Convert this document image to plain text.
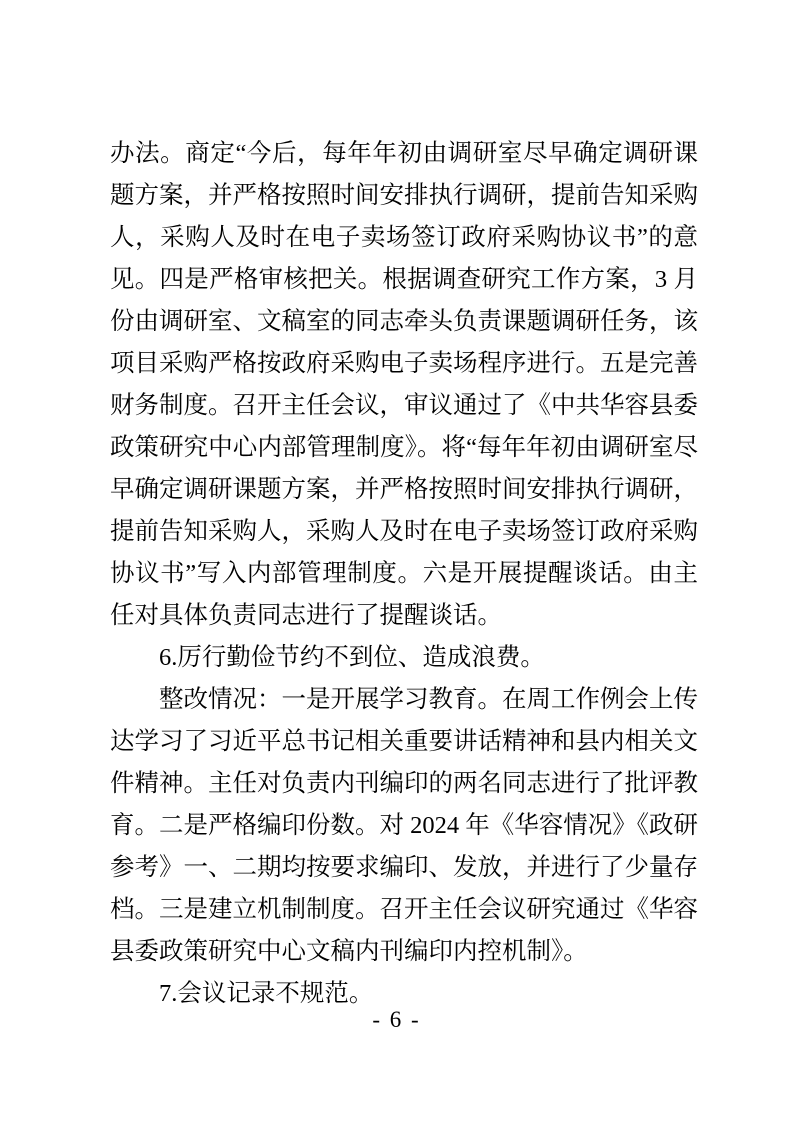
办法。商定“今后，每年年初由调研室尽早确定调研课题方案，并严格按照时间安排执行调研，提前告知采购人，采购人及时在电子卖场签订政府采购协议书”的意见。四是严格审核把关。根据调查研究工作方案，3 月份由调研室、文稿室的同志牵头负责课题调研任务，该项目采购严格按政府采购电子卖场程序进行。五是完善财务制度。召开主任会议，审议通过了《中共华容县委政策研究中心内部管理制度》。将“每年年初由调研室尽早确定调研课题方案，并严格按照时间安排执行调研，提前告知采购人，采购人及时在电子卖场签订政府采购协议书”写入内部管理制度。六是开展提醒谈话。由主任对具体负责同志进行了提醒谈话。

6.厉行勤俭节约不到位、造成浪费。

整改情况：一是开展学习教育。在周工作例会上传达学习了习近平总书记相关重要讲话精神和县内相关文件精神。主任对负责内刊编印的两名同志进行了批评教育。二是严格编印份数。对 2024 年《华容情况》《政研参考》一、二期均按要求编印、发放，并进行了少量存档。三是建立机制制度。召开主任会议研究通过《华容县委政策研究中心文稿内刊编印内控机制》。

7.会议记录不规范。

- 6 -
